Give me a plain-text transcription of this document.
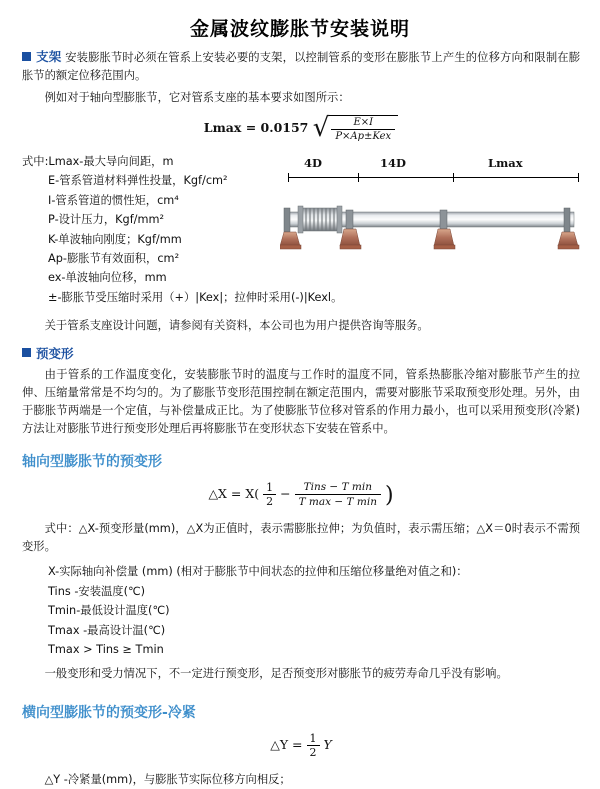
金属波纹膨胀节安装说明

支架 安装膨胀节时必须在管系上安装必要的支架，以控制管系的变形在膨胀节上产生的位移方向和限制在膨胀节的额定位移范围内。

例如对于轴向型膨胀节，它对管系支座的基本要求如图所示：

Lmax = 0.0157 √ $\frac{E\times I}{\text{P×Ap±Kex}}$
4D	14D	Lmax
式中:Lmax-最大导向间距，m
E-管系管道材料弹性投量，Kgf/cm²
I-管系管道的惯性矩，cm⁴
P-设计压力，Kgf/mm²
K-单波轴向刚度；Kgf/mm
Ap-膨胀节有效面积，cm²
ex-单波轴向位移，mm
±-膨胀节受压缩时采用（+）|Kex|；拉伸时采用(-)|Kexl。

关于管系支座设计问题，请参阅有关资料，本公司也为用户提供咨询等服务。

预变形

由于管系的工作温度变化，安装膨胀节时的温度与工作时的温度不同，管系热膨胀冷缩对膨胀节产生的拉伸、压缩量常常是不均匀的。为了膨胀节变形范围控制在额定范围内，需要对膨胀节采取预变形处理。另外，由于膨胀节两端是一个定值，与补偿量成正比。为了使膨胀节位移对管系的作用力最小，也可以采用预变形(冷紧)方法让对膨胀节进行预变形处理后再将膨胀节在变形状态下安装在管系中。

轴向型膨胀节的预变形
△X = $X( \frac{1}{2} - \frac{\text{Tins − T min}}{\text{T max − T min}}$ )

式中：△X-预变形量(mm)，△X为正值时，表示需膨胀拉伸；为负值时，表示需压缩；△X＝0时表示不需预变形。

X-实际轴向补偿量 (mm) (相对于膨胀节中间状态的拉伸和压缩位移量绝对值之和)：
Tins -安装温度(℃)
Tmin-最低设计温度(℃)
Tmax -最高设计温(℃)
Tmax > Tins ≥ Tmin

一般变形和受力情况下，不一定进行预变形，足否预变形对膨胀节的疲劳寿命几乎没有影响。

横向型膨胀节的预变形-冷紧
△Y = $\frac{1}{2}$ Y

△Y -冷紧量(mm)，与膨胀节实际位移方向相反；
